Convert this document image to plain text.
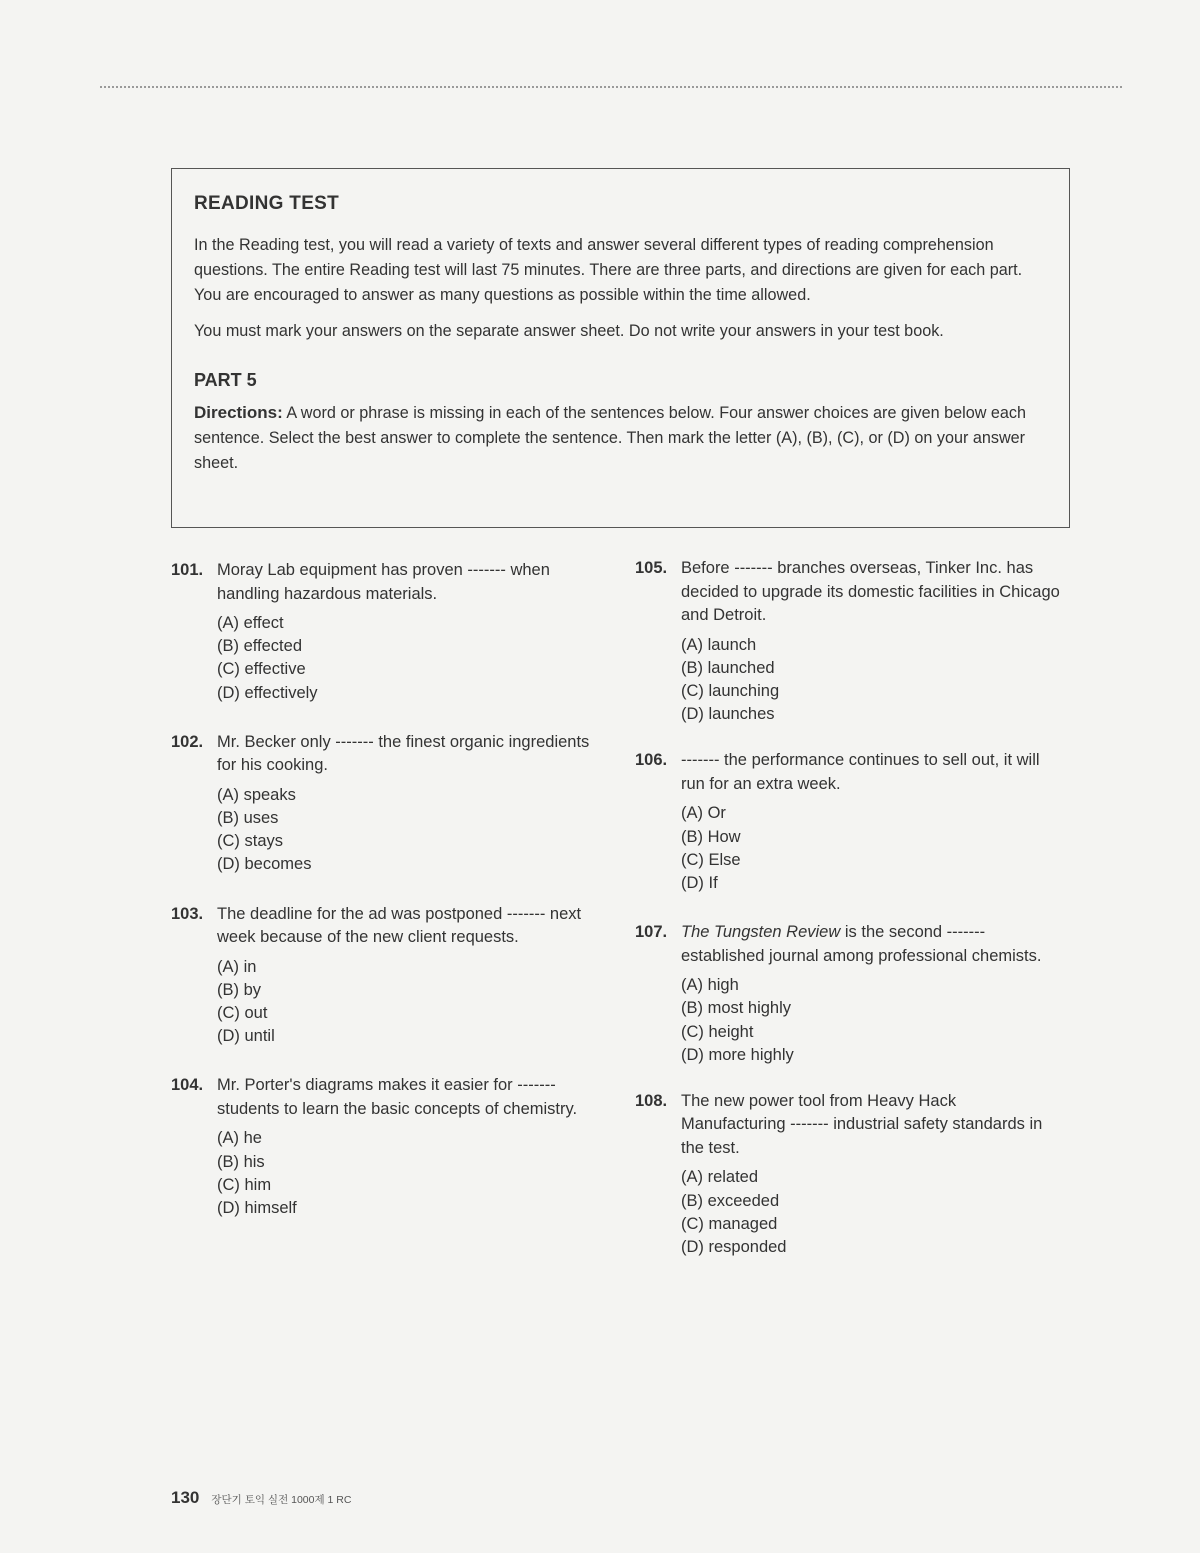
READING TEST

In the Reading test, you will read a variety of texts and answer several different types of reading comprehension questions. The entire Reading test will last 75 minutes. There are three parts, and directions are given for each part. You are encouraged to answer as many questions as possible within the time allowed.

You must mark your answers on the separate answer sheet. Do not write your answers in your test book.

PART 5

Directions: A word or phrase is missing in each of the sentences below. Four answer choices are given below each sentence. Select the best answer to complete the sentence. Then mark the letter (A), (B), (C), or (D) on your answer sheet.

101. Moray Lab equipment has proven ------- when handling hazardous materials.
(A) effect
(B) effected
(C) effective
(D) effectively
102. Mr. Becker only ------- the finest organic ingredients for his cooking.
(A) speaks
(B) uses
(C) stays
(D) becomes
103. The deadline for the ad was postponed ------- next week because of the new client requests.
(A) in
(B) by
(C) out
(D) until
104. Mr. Porter's diagrams makes it easier for ------- students to learn the basic concepts of chemistry.
(A) he
(B) his
(C) him
(D) himself
105. Before ------- branches overseas, Tinker Inc. has decided to upgrade its domestic facilities in Chicago and Detroit.
(A) launch
(B) launched
(C) launching
(D) launches
106. ------- the performance continues to sell out, it will run for an extra week.
(A) Or
(B) How
(C) Else
(D) If
107. The Tungsten Review is the second ------- established journal among professional chemists.
(A) high
(B) most highly
(C) height
(D) more highly
108. The new power tool from Heavy Hack Manufacturing ------- industrial safety standards in the test.
(A) related
(B) exceeded
(C) managed
(D) responded
130 장단기 토익 실전 1000제 1 RC
